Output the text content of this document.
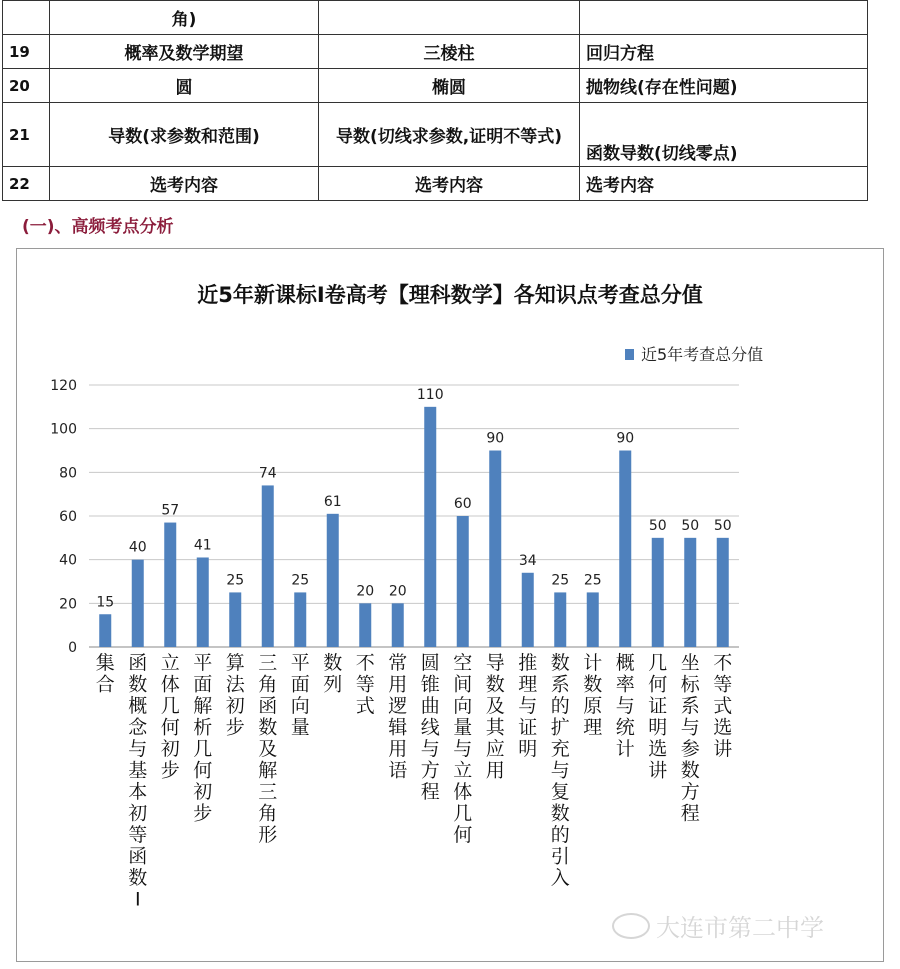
	角)		
19	概率及数学期望	三棱柱	回归方程
20	圆	椭圆	抛物线(存在性问题)
21	导数(求参数和范围)	导数(切线求参数,证明不等式)	函数导数(切线零点)
22	选考内容	选考内容	选考内容
(一)、高频考点分析
近5年新课标I卷高考【理科数学】各知识点考查总分值
近5年考查总分值
0
20
40
60
80
100
120
15
集合
40
函数概念与基本初等函数 Ⅰ
57
立体几何初步
41
平面解析几何初步
25
算法初步
74
三角函数及解三角形
25
平面向量
61
数列
20
不等式
20
常用逻辑用语
110
圆锥曲线与方程
60
空间向量与立体几何
90
导数及其应用
34
推理与证明
25
数系的扩充与复数的引入
25
计数原理
90
概率与统计
50
几何证明选讲
50
坐标系与参数方程
50
不等式选讲
大连市第二中学
